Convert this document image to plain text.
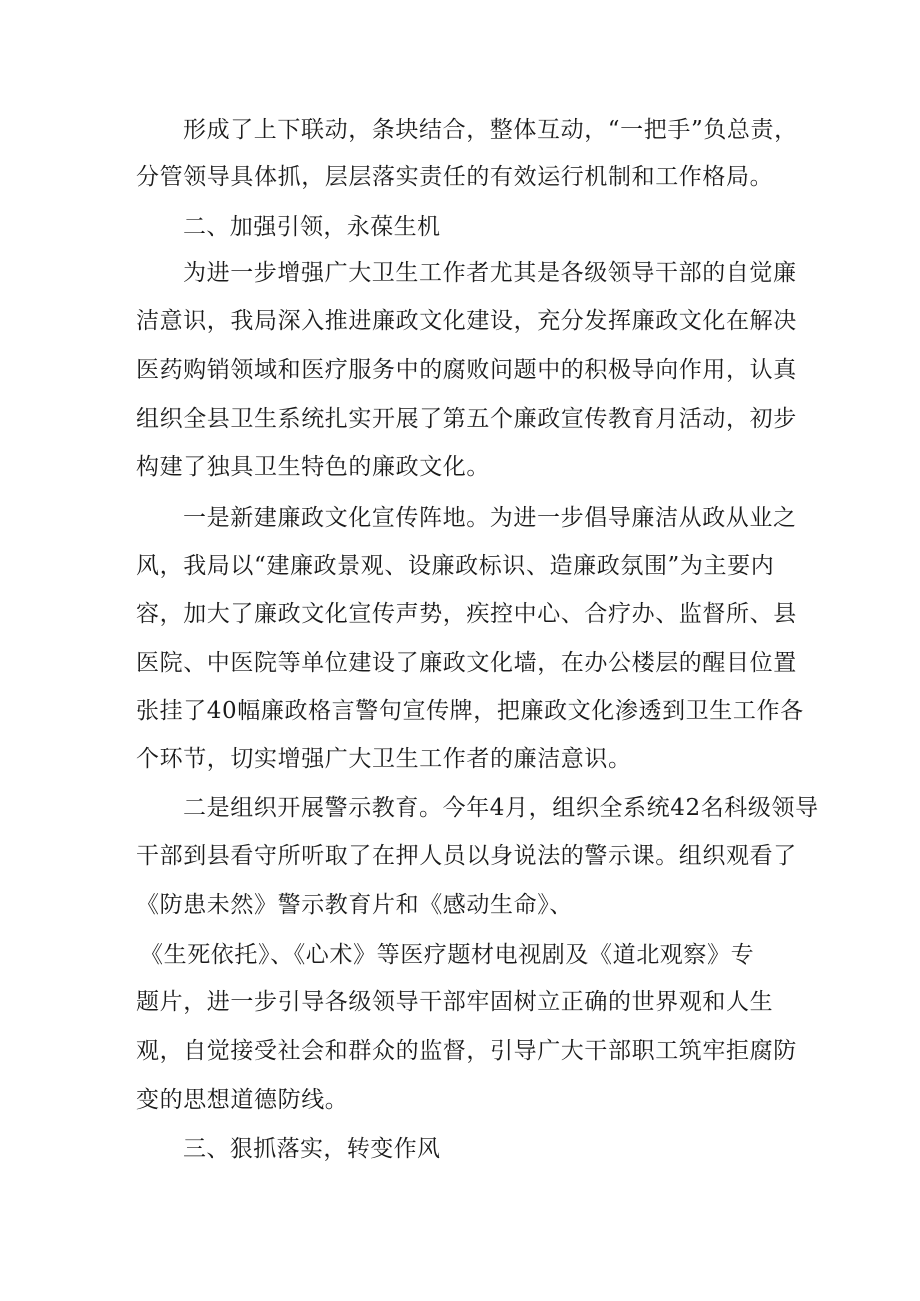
形成了上下联动，条块结合，整体互动，“一把手”负总责，
分管领导具体抓，层层落实责任的有效运行机制和工作格局。
二、加强引领，永葆生机
为进一步增强广大卫生工作者尤其是各级领导干部的自觉廉
洁意识，我局深入推进廉政文化建设，充分发挥廉政文化在解决
医药购销领域和医疗服务中的腐败问题中的积极导向作用，认真
组织全县卫生系统扎实开展了第五个廉政宣传教育月活动，初步
构建了独具卫生特色的廉政文化。
一是新建廉政文化宣传阵地。为进一步倡导廉洁从政从业之
风，我局以“建廉政景观、设廉政标识、造廉政氛围”为主要内
容，加大了廉政文化宣传声势，疾控中心、合疗办、监督所、县
医院、中医院等单位建设了廉政文化墙，在办公楼层的醒目位置
张挂了40幅廉政格言警句宣传牌，把廉政文化渗透到卫生工作各
个环节，切实增强广大卫生工作者的廉洁意识。
二是组织开展警示教育。今年4月，组织全系统42名科级领导
干部到县看守所听取了在押人员以身说法的警示课。组织观看了
《防患未然》警示教育片和《感动生命》、
《生死依托》、《心术》等医疗题材电视剧及《道北观察》专
题片，进一步引导各级领导干部牢固树立正确的世界观和人生
观，自觉接受社会和群众的监督，引导广大干部职工筑牢拒腐防
变的思想道德防线。
三、狠抓落实，转变作风
